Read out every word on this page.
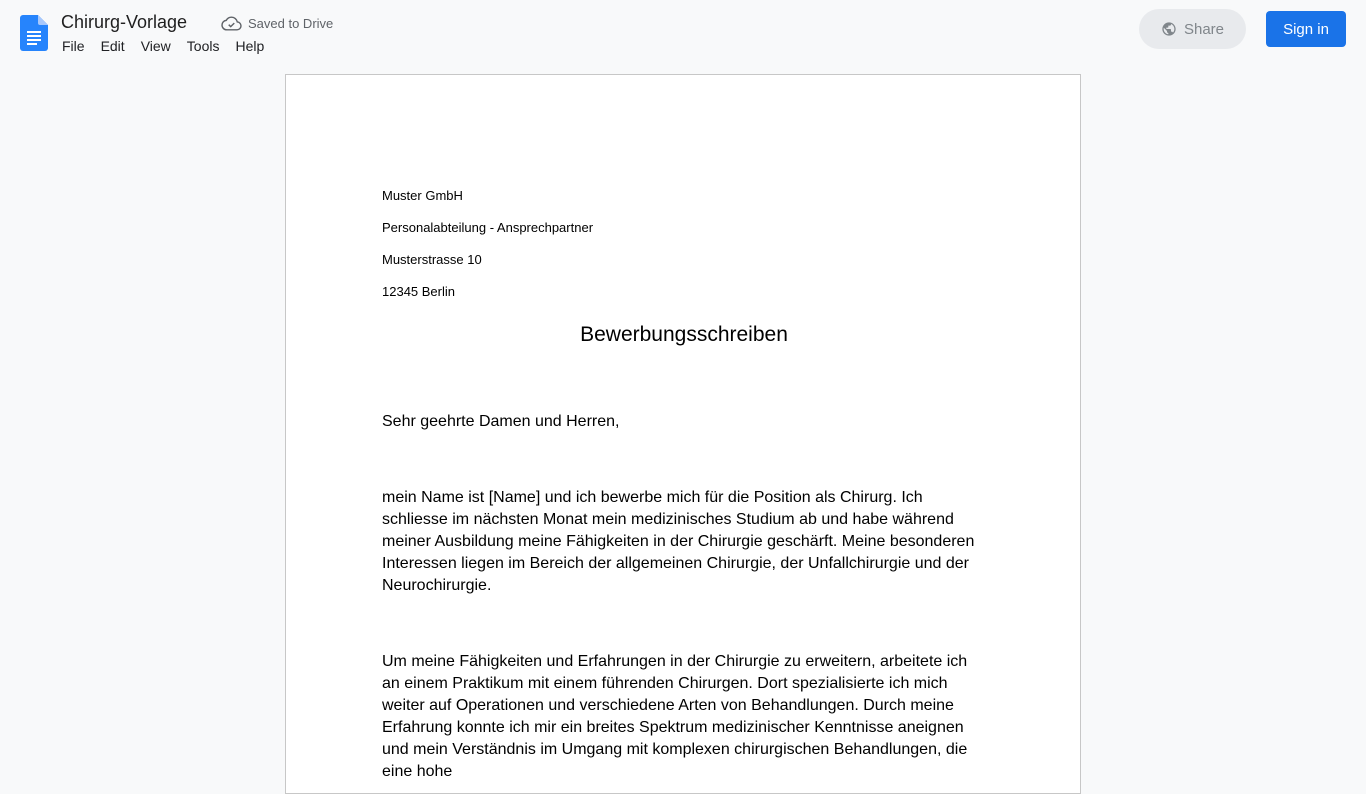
Chirurg-Vorlage	Saved to Drive
File	Edit	View	Tools	Help
Share	Sign in
Muster GmbH
Personalabteilung - Ansprechpartner
Musterstrasse 10
12345 Berlin
Bewerbungsschreiben
Sehr geehrte Damen und Herren,
mein Name ist [Name] und ich bewerbe mich für die Position als Chirurg. Ich schliesse im nächsten Monat mein medizinisches Studium ab und habe während meiner Ausbildung meine Fähigkeiten in der Chirurgie geschärft. Meine besonderen Interessen liegen im Bereich der allgemeinen Chirurgie, der Unfallchirurgie und der Neurochirurgie.
Um meine Fähigkeiten und Erfahrungen in der Chirurgie zu erweitern, arbeitete ich an einem Praktikum mit einem führenden Chirurgen. Dort spezialisierte ich mich weiter auf Operationen und verschiedene Arten von Behandlungen. Durch meine Erfahrung konnte ich mir ein breites Spektrum medizinischer Kenntnisse aneignen und mein Verständnis im Umgang mit komplexen chirurgischen Behandlungen, die eine hohe
